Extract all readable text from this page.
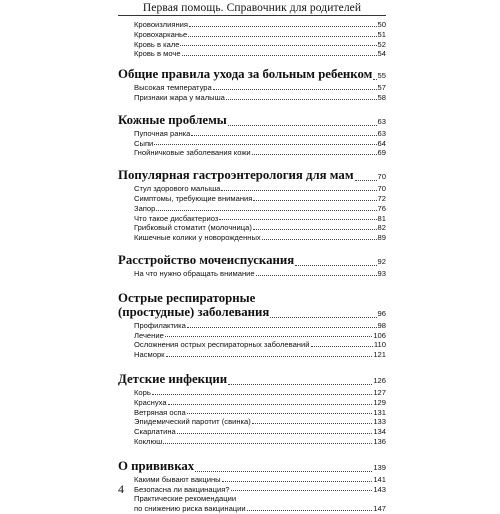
Первая помощь. Справочник для родителей
Кровоизлияния	50
Кровохарканье	51
Кровь в кале	52
Кровь в моче	54
Общие правила ухода за больным ребенком 55
Высокая температура	57
Признаки жара у малыша	58
Кожные проблемы	63
Пупочная ранка	63
Сыпи	64
Гнойничковые заболевания кожи	69
Популярная гастроэнтерология для мам	70
Стул здорового малыша	70
Симптомы, требующие внимания	72
Запор	76
Что такое дисбактериоз	81
Грибковый стоматит (молочница)	82
Кишечные колики у новорожденных	89
Расстройство мочеиспускания	92
На что нужно обращать внимание	93
Острые респираторные
(простудные) заболевания	96
Профилактика	98
Лечение	106
Осложнения острых респираторных заболеваний	110
Насморк	121
Детские инфекции	126
Корь	127
Краснуха	129
Ветряная оспа	131
Эпидемический паротит (свинка)	133
Скарлатина	134
Коклюш	136
О прививках	139
Какими бывают вакцины	141
Безопасна ли вакцинация?	143
Практические рекомендации
по снижению риска вакцинации	147
4
